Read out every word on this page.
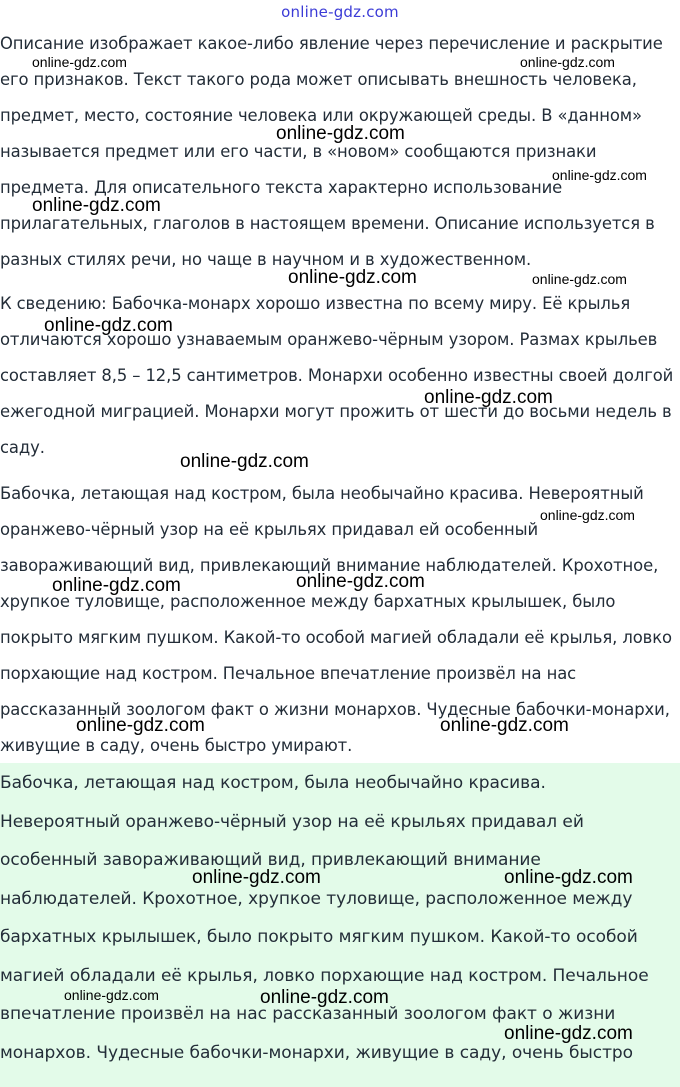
online-gdz.com

Описание изображает какое-либо явление через перечисление и раскрытие
его признаков. Текст такого рода может описывать внешность человека,
предмет, место, состояние человека или окружающей среды. В «данном»
называется предмет или его части, в «новом» сообщаются признаки
предмета. Для описательного текста характерно использование
прилагательных, глаголов в настоящем времени. Описание используется в
разных стилях речи, но чаще в научном и в художественном.

К сведению: Бабочка-монарх хорошо известна по всему миру. Её крылья
отличаются хорошо узнаваемым оранжево-чёрным узором. Размах крыльев
составляет 8,5 – 12,5 сантиметров. Монархи особенно известны своей долгой
ежегодной миграцией. Монархи могут прожить от шести до восьми недель в
саду.

Бабочка, летающая над костром, была необычайно красива. Невероятный
оранжево-чёрный узор на её крыльях придавал ей особенный
завораживающий вид, привлекающий внимание наблюдателей. Крохотное,
хрупкое туловище, расположенное между бархатных крылышек, было
покрыто мягким пушком. Какой-то особой магией обладали её крылья, ловко
порхающие над костром. Печальное впечатление произвёл на нас
рассказанный зоологом факт о жизни монархов. Чудесные бабочки-монархи,
живущие в саду, очень быстро умирают.

Бабочка, летающая над костром, была необычайно красива.
Невероятный оранжево-чёрный узор на её крыльях придавал ей
особенный завораживающий вид, привлекающий внимание
наблюдателей. Крохотное, хрупкое туловище, расположенное между
бархатных крылышек, было покрыто мягким пушком. Какой-то особой
магией обладали её крылья, ловко порхающие над костром. Печальное
впечатление произвёл на нас рассказанный зоологом факт о жизни
монархов. Чудесные бабочки-монархи, живущие в саду, очень быстро

online-gdz.com	online-gdz.com
online-gdz.com
online-gdz.com
online-gdz.com
online-gdz.com	online-gdz.com
online-gdz.com
online-gdz.com
online-gdz.com
online-gdz.com
online-gdz.com	online-gdz.com
online-gdz.com	online-gdz.com
online-gdz.com	online-gdz.com
online-gdz.com	online-gdz.com
online-gdz.com
